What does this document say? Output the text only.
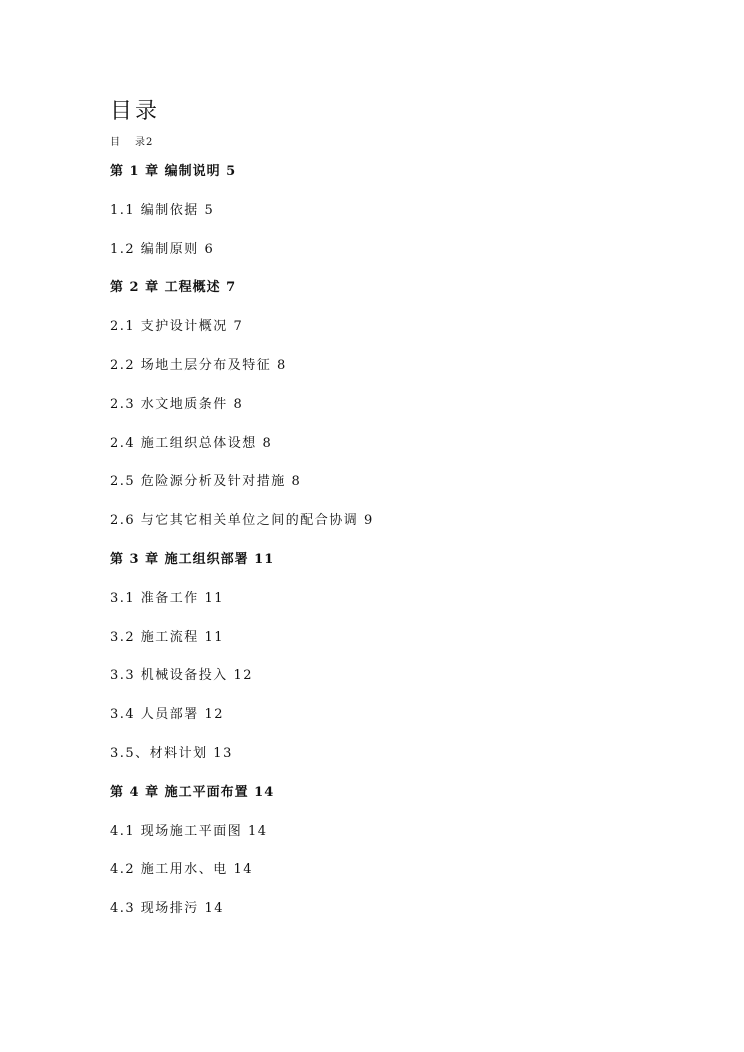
目录
目 录2
第 1 章 编制说明 5
1.1 编制依据 5
1.2 编制原则 6
第 2 章 工程概述 7
2.1 支护设计概况 7
2.2 场地土层分布及特征 8
2.3 水文地质条件 8
2.4 施工组织总体设想 8
2.5 危险源分析及针对措施 8
2.6 与它其它相关单位之间的配合协调 9
第 3 章 施工组织部署 11
3.1 准备工作 11
3.2 施工流程 11
3.3 机械设备投入 12
3.4 人员部署 12
3.5、材料计划 13
第 4 章 施工平面布置 14
4.1 现场施工平面图 14
4.2 施工用水、电 14
4.3 现场排污 14
